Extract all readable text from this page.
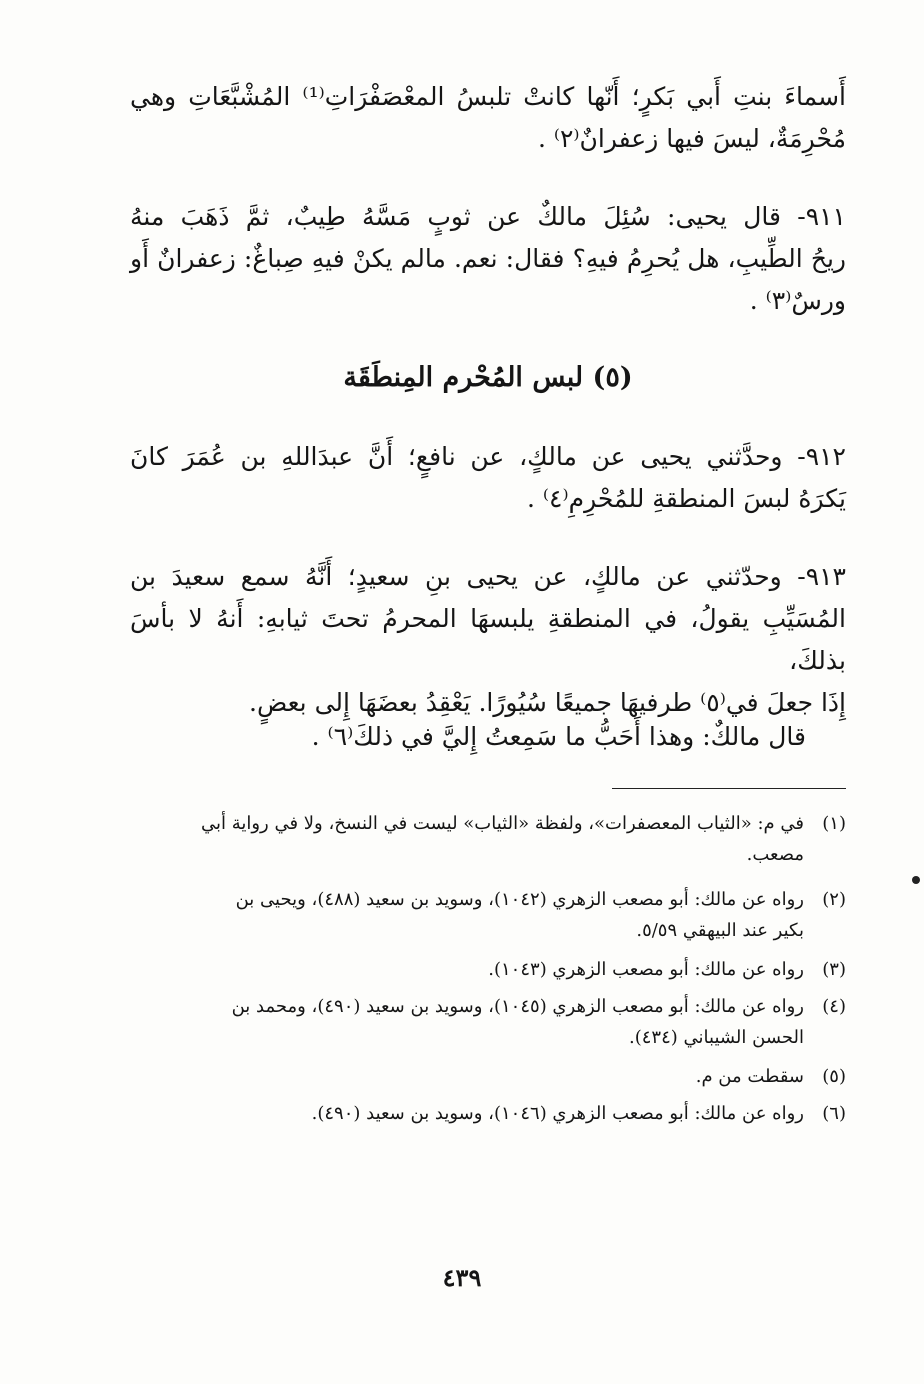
أَسماءَ بنتِ أَبي بَكرٍ؛ أَنّها كانتْ تلبسُ المعْصَفْرَاتِ⁽¹⁾ المُشْبَّعَاتِ وهي
مُحْرِمَةٌ، ليسَ فيها زعفرانٌ⁽٢⁾ .
٩١١- قال يحيى: سُئِلَ مالكٌ عن ثوبٍ مَسَّهُ طِيبٌ، ثمَّ ذَهَبَ منهُ
ريحُ الطِّيبِ، هل يُحرِمُ فيهِ؟ فقال: نعم. مالم يكنْ فيهِ صِباغٌ: زعفرانٌ أَو
ورسٌ⁽٣⁾ .
(٥) لبس المُحْرم المِنطَقَة
٩١٢- وحدَّثني يحيى عن مالكٍ، عن نافعٍ؛ أَنَّ عبدَاللهِ بن عُمَرَ كانَ
يَكرَهُ لبسَ المنطقةِ للمُحْرِمِ⁽٤⁾ .
٩١٣- وحدّثني عن مالكٍ، عن يحيى بنِ سعيدٍ؛ أَنَّهُ سمع سعيدَ بن
المُسَيِّبِ يقولُ، في المنطقةِ يلبسهَا المحرمُ تحتَ ثيابهِ: أَنهُ لا بأسَ بذلكَ،
إِذَا جعلَ في⁽٥⁾ طرفيهَا جميعًا سُيُورًا. يَعْقِدُ بعضَهَا إِلى بعضٍ.
قال مالكٌ: وهذا أَحَبُّ ما سَمِعتُ إِليَّ في ذلكَ⁽٦⁾ .
(١)
في م: «الثياب المعصفرات»، ولفظة «الثياب» ليست في النسخ، ولا في رواية أبي
مصعب.
(٢)
رواه عن مالك: أبو مصعب الزهري (١٠٤٢)، وسويد بن سعيد (٤٨٨)، ويحيى بن
بكير عند البيهقي ٥/٥٩.
(٣)
رواه عن مالك: أبو مصعب الزهري (١٠٤٣).
(٤)
رواه عن مالك: أبو مصعب الزهري (١٠٤٥)، وسويد بن سعيد (٤٩٠)، ومحمد بن
الحسن الشيباني (٤٣٤).
(٥)
سقطت من م.
(٦)
رواه عن مالك: أبو مصعب الزهري (١٠٤٦)، وسويد بن سعيد (٤٩٠).
٤٣٩
